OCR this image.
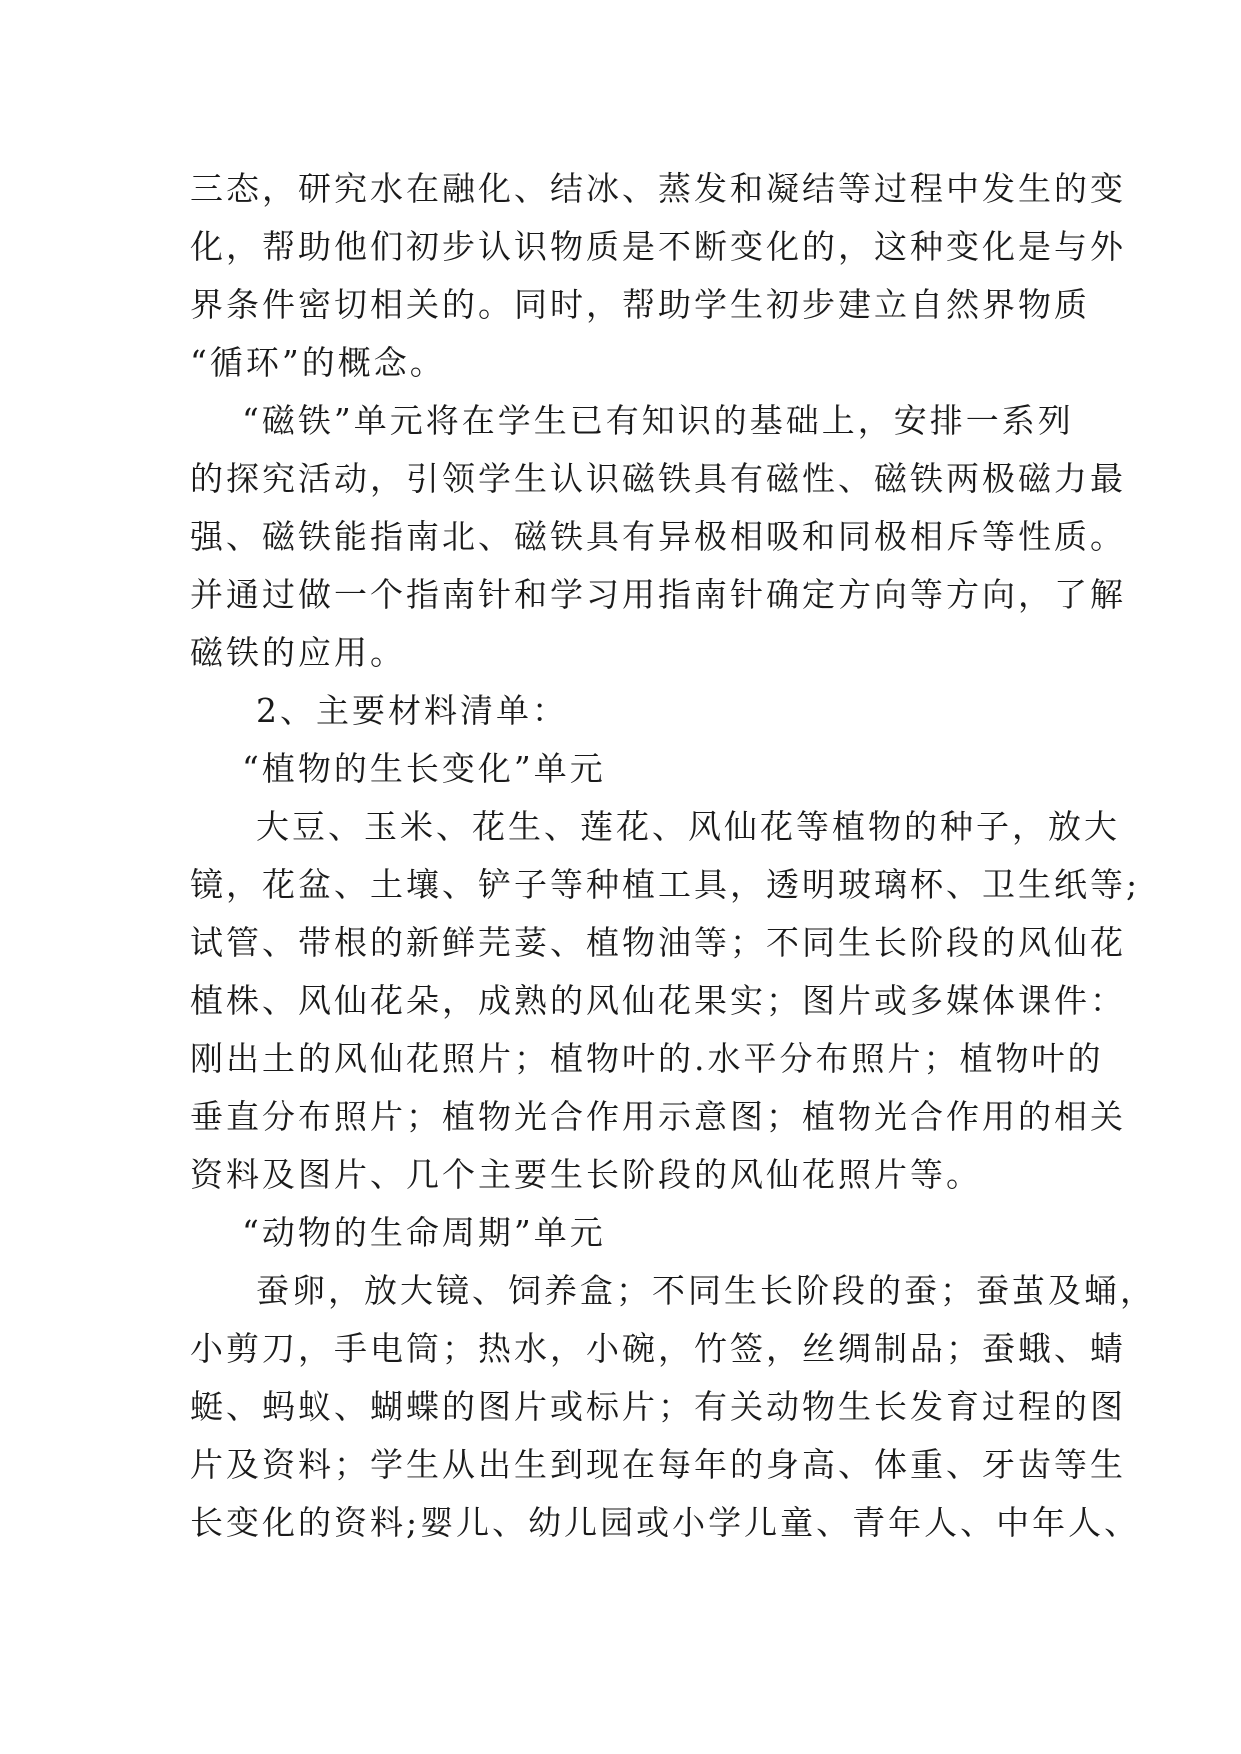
三态，研究水在融化、结冰、蒸发和凝结等过程中发生的变
化，帮助他们初步认识物质是不断变化的，这种变化是与外
界条件密切相关的。同时，帮助学生初步建立自然界物质
“循环”的概念。
“磁铁”单元将在学生已有知识的基础上，安排一系列
的探究活动，引领学生认识磁铁具有磁性、磁铁两极磁力最
强、磁铁能指南北、磁铁具有异极相吸和同极相斥等性质。
并通过做一个指南针和学习用指南针确定方向等方向，了解
磁铁的应用。
2、主要材料清单：
“植物的生长变化”单元
大豆、玉米、花生、莲花、风仙花等植物的种子，放大
镜，花盆、土壤、铲子等种植工具，透明玻璃杯、卫生纸等;
试管、带根的新鲜芫荽、植物油等；不同生长阶段的风仙花
植株、风仙花朵，成熟的风仙花果实；图片或多媒体课件：
刚出土的风仙花照片；植物叶的.水平分布照片；植物叶的
垂直分布照片；植物光合作用示意图；植物光合作用的相关
资料及图片、几个主要生长阶段的风仙花照片等。
“动物的生命周期”单元
蚕卵，放大镜、饲养盒；不同生长阶段的蚕；蚕茧及蛹，
小剪刀，手电筒；热水，小碗，竹签，丝绸制品；蚕蛾、蜻
蜓、蚂蚁、蝴蝶的图片或标片；有关动物生长发育过程的图
片及资料；学生从出生到现在每年的身高、体重、牙齿等生
长变化的资料;婴儿、幼儿园或小学儿童、青年人、中年人、
